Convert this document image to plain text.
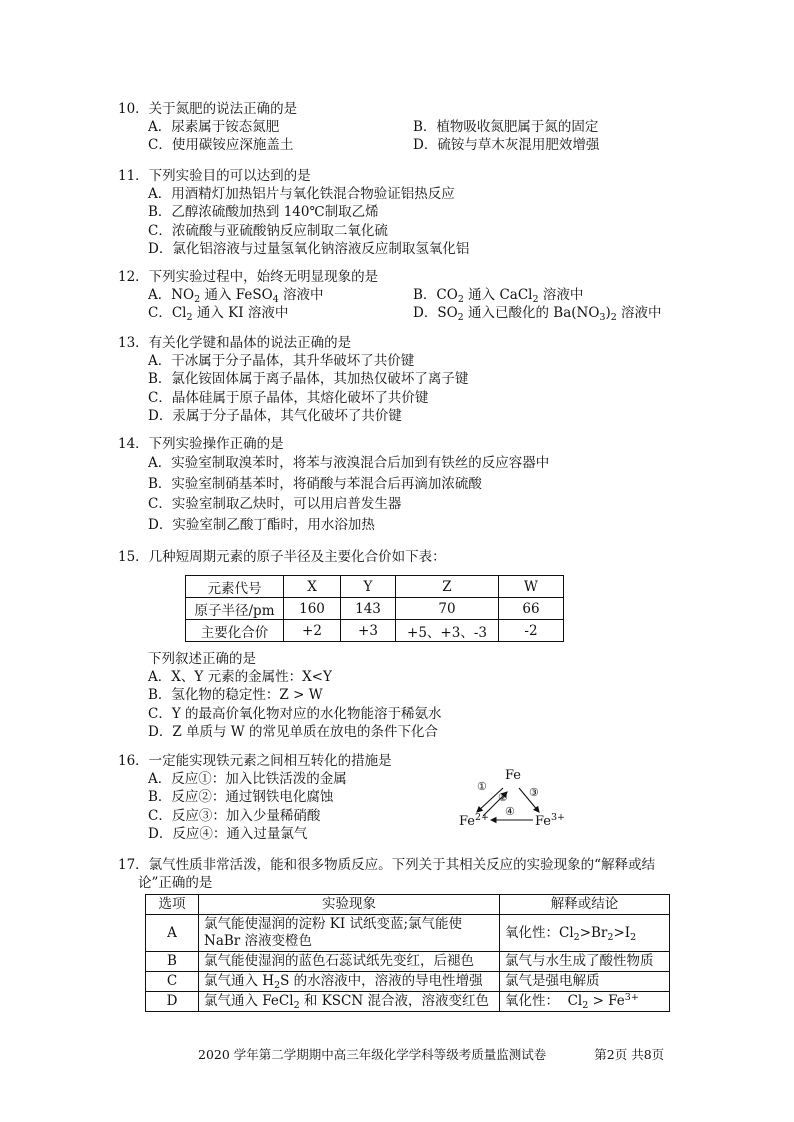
10．关于氮肥的说法正确的是
A．尿素属于铵态氮肥	B．植物吸收氮肥属于氮的固定
C．使用碳铵应深施盖土	D．硫铵与草木灰混用肥效增强
11．下列实验目的可以达到的是
A．用酒精灯加热铝片与氧化铁混合物验证铝热反应
B．乙醇浓硫酸加热到 140℃制取乙烯
C．浓硫酸与亚硫酸钠反应制取二氧化硫
D．氯化铝溶液与过量氢氧化钠溶液反应制取氢氧化铝
12．下列实验过程中，始终无明显现象的是
A．$NO_2$ 通入 FeSO$_4$ 溶液中	B．$CO_2$ 通入 CaCl$_2$ 溶液中
C．$Cl_2$ 通入 KI 溶液中	D．$SO_2$ 通入已酸化的 $Ba(NO_3)_2$ 溶液中
13．有关化学键和晶体的说法正确的是
A．干冰属于分子晶体，其升华破坏了共价键
B．氯化铵固体属于离子晶体，其加热仅破坏了离子键
C．晶体硅属于原子晶体，其熔化破坏了共价键
D．汞属于分子晶体，其气化破坏了共价键
14．下列实验操作正确的是
A．实验室制取溴苯时，将苯与液溴混合后加到有铁丝的反应容器中
B．实验室制硝基苯时，将硝酸与苯混合后再滴加浓硫酸
C．实验室制取乙炔时，可以用启普发生器
D．实验室制乙酸丁酯时，用水浴加热
15．几种短周期元素的原子半径及主要化合价如下表：
元素代号	X	Y	Z	W
原子半径/pm	160	143	70	66
主要化合价	+2	+3	+5、+3、-3	-2
下列叙述正确的是
A．X、Y 元素的金属性：X<Y
B．氢化物的稳定性：Z > W
C．Y 的最高价氧化物对应的水化物能溶于稀氨水
D．Z 单质与 W 的常见单质在放电的条件下化合
16．一定能实现铁元素之间相互转化的措施是
A．反应①：加入比铁活泼的金属
B．反应②：通过钢铁电化腐蚀
C．反应③：加入少量稀硝酸
D．反应④：通入过量氯气
Fe
①
② ③
④
$Fe^{2+}$	$Fe^{3+}$
17．氯气性质非常活泼，能和很多物质反应。下列关于其相关反应的实验现象的“解释或结
论”正确的是
选项	实验现象	解释或结论
A	氯气能使湿润的淀粉 KI 试纸变蓝;氯气能使
NaBr 溶液变橙色	氧化性：$Cl_2>Br_2>I_2$
B	氯气能使湿润的蓝色石蕊试纸先变红，后褪色	氯气与水生成了酸性物质
C	氯气通入 $H_2S$ 的水溶液中，溶液的导电性增强	氯气是强电解质
D	氯气通入 FeCl$_2$ 和 KSCN 混合液，溶液变红色	氧化性：  $Cl_2 > Fe^{3+}$
2020 学年第二学期期中高三年级化学学科等级考质量监测试卷	第2页 共8页
